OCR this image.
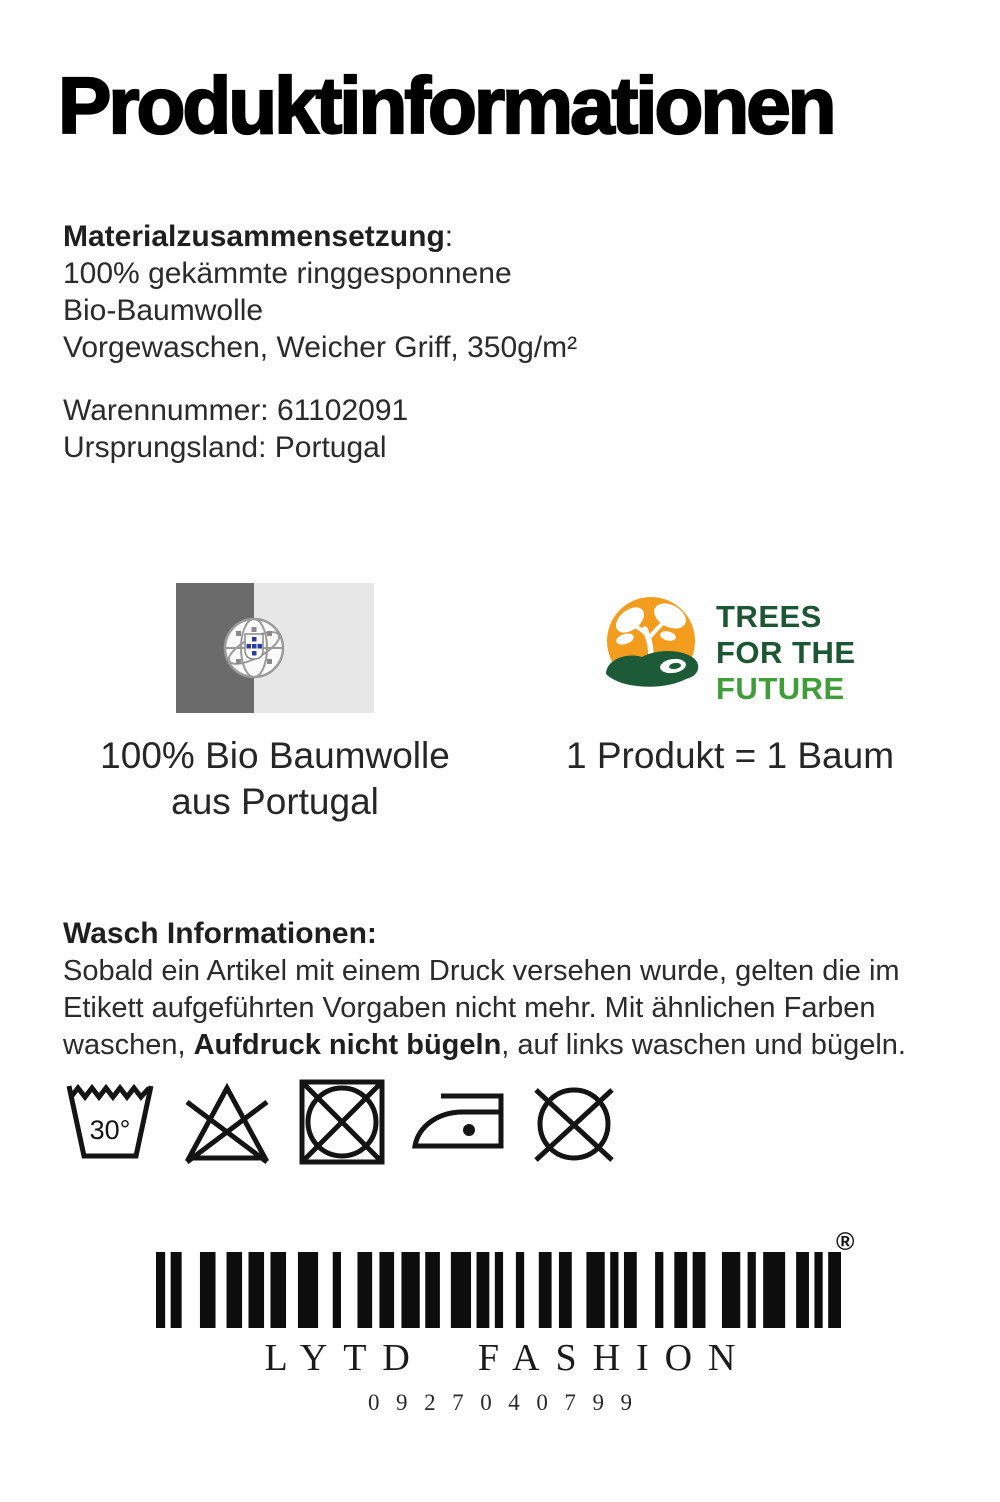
Produktinformationen
Materialzusammensetzung:
100% gekämmte ringgesponnene
Bio-Baumwolle
Vorgewaschen, Weicher Griff, 350g/m²
Warennummer: 61102091
Ursprungsland: Portugal
TREES
FOR THE
FUTURE
100% Bio Baumwolle
aus Portugal
1 Produkt = 1 Baum
Wasch Informationen:
Sobald ein Artikel mit einem Druck versehen wurde, gelten die im
Etikett aufgeführten Vorgaben nicht mehr. Mit ähnlichen Farben
waschen, Aufdruck nicht bügeln, auf links waschen und bügeln.
30°
®
LYTD FASHION
0927040799
